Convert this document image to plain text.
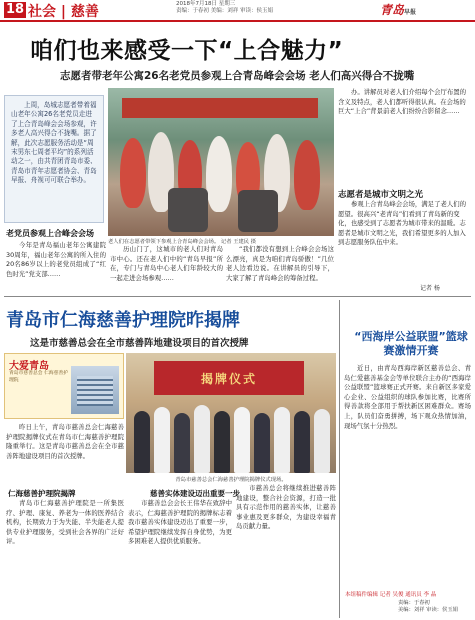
18 社会 | 慈善	2018年7月18日 星期三
责编：于春初 美编：刘祥 审读：侯玉娟	青岛早报
咱们也来感受一下“上合魅力”
志愿者带老年公寓26名老党员参观上合青岛峰会会场 老人们高兴得合不拢嘴
上周，岛城志愿者带着福山老年公寓26名老党员走进了上合青岛峰会会场参观，许多老人高兴得合不拢嘴。据了解，此次志愿服务活动是“周末男东七周者平均”的系列活动之一，由共青团青岛市委、青岛市青年志愿者协会、青岛早报、舟视可可联合举办。
老人们在志愿者带领下参观上合青岛峰会会场。 记者 王建民 摄
办。讲解员对老人们介绍每个会厅布置的含义及特点，老人们都听得很认真。在会场的巨大“上合”背景前老人们纷纷合影留念……
志愿者是城市文明之光
参观上合青岛峰会会场，满足了老人们的愿望。很高兴“老青岛”们看到了青岛新的变化，也感受到了志愿者为城市带来的温暖。志愿者是城市文明之光，我们希望更多的人加入到志愿服务队伍中来。
记者 杨
老党员参观上合峰会会场
今年是青岛福山老年公寓建院30周年，福山老年公寓的所入住的20名86岁以上的老党员组成了“红色时光”党支部……
历山门了，这城市的老人们对青岛市中心。还在老人们中的“青岛早报”所在，专门与青岛中心老人们年龄较大的一起走进会场参观……
“我们都没有想到上合峰会会场这么漂亮，真是为咱们青岛骄傲！”几位老人边看边说。在讲解员的引导下，大家了解了青岛峰会的筹备过程。
青岛市仁海慈善护理院昨揭牌
这是市慈善总会在全市慈善阵地建设项目的首次授牌
大爱青岛
青岛市慈善总会 仁海慈善护理院	揭牌仪式
青岛市慈善总会仁海慈善护理院揭牌仪式现场。
昨日上午，青岛市慈善总会仁海慈善护理院揭牌仪式在青岛市仁海慈善护理院隆重举行。这是青岛市慈善总会在全市慈善阵地建设项目的首次授牌。
仁海慈善护理院揭牌
青岛市仁海慈善护理院是一所集医疗、护理、康复、养老为一体的医养结合机构，长期致力于为失能、半失能老人提供专业护理服务，受到社会各界的广泛好评。
慈善实体建设迈出重要一步
市慈善总会会长王伟华在致辞中表示，仁海慈善护理院的揭牌标志着我市慈善实体建设迈出了重要一步，希望护理院继续发挥自身优势，为更多困难老人提供优质服务。
市慈善总会将继续推进慈善阵地建设，整合社会资源，打造一批具有示范作用的慈善实体，让慈善事业惠及更多群众，为建设幸福青岛贡献力量。
“西海岸公益联盟”篮球赛激情开赛
近日，由青岛西海岸新区慈善总会、青岛仁爱慈善基金会等单位联合主办的“西海岸公益联盟”篮球赛正式开赛。来自新区多家爱心企业、公益组织的球队参加比赛，比赛所得善款将全部用于帮扶新区困难群众。赛场上，队员们奋勇拼搏，场下观众热情加油，现场气氛十分热烈。
本组稿件编辑 记者 吴俊 通讯员 李 晶
责编：于春初
美编：刘祥 审读：侯玉娟
